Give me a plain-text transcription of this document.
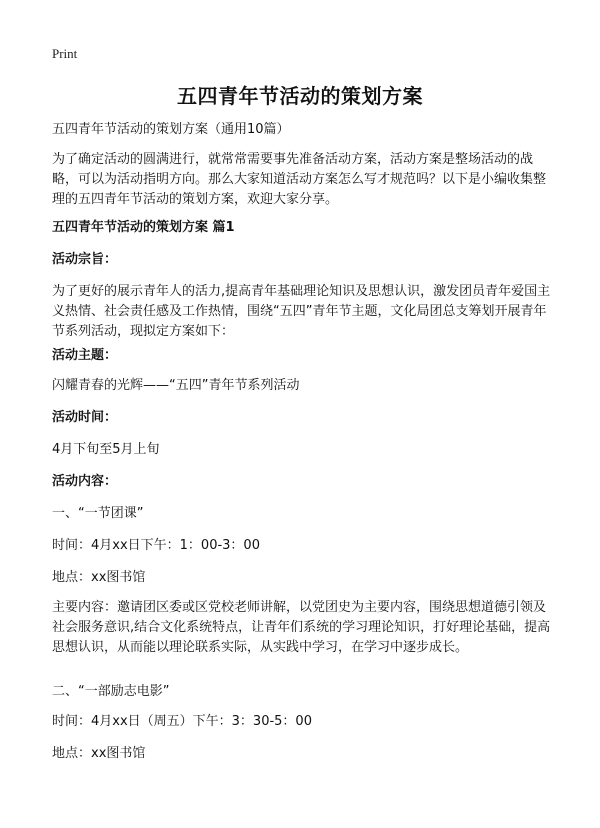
Print
五四青年节活动的策划方案
五四青年节活动的策划方案（通用10篇）
为了确定活动的圆满进行，就常常需要事先准备活动方案，活动方案是整场活动的战略，可以为活动指明方向。那么大家知道活动方案怎么写才规范吗？以下是小编收集整理的五四青年节活动的策划方案，欢迎大家分享。
五四青年节活动的策划方案 篇1
活动宗旨：
为了更好的展示青年人的活力,提高青年基础理论知识及思想认识，激发团员青年爱国主义热情、社会责任感及工作热情，围绕“五四”青年节主题，文化局团总支筹划开展青年节系列活动，现拟定方案如下：
活动主题：
闪耀青春的光辉——“五四”青年节系列活动
活动时间：
4月下旬至5月上旬
活动内容：
一、“一节团课”
时间：4月xx日下午：1：00-3：00
地点：xx图书馆
主要内容：邀请团区委或区党校老师讲解，以党团史为主要内容，围绕思想道德引领及社会服务意识,结合文化系统特点，让青年们系统的学习理论知识，打好理论基础，提高思想认识，从而能以理论联系实际，从实践中学习，在学习中逐步成长。
二、“一部励志电影”
时间：4月xx日（周五）下午：3：30-5：00
地点：xx图书馆
